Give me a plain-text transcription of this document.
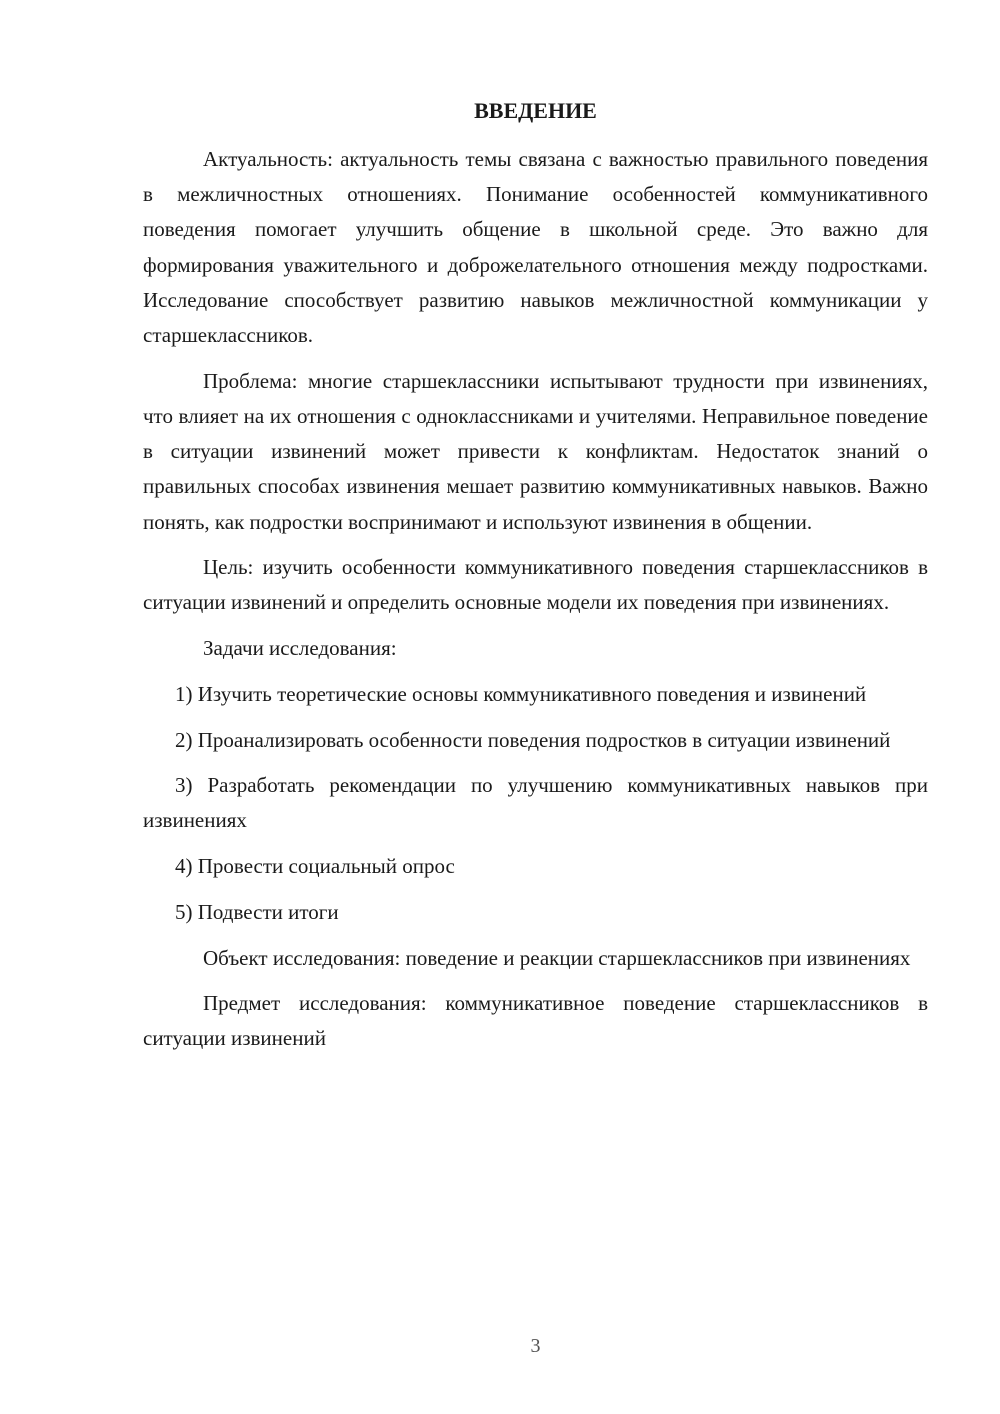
ВВЕДЕНИЕ

Актуальность: актуальность темы связана с важностью правильного поведения в межличностных отношениях. Понимание особенностей коммуникативного поведения помогает улучшить общение в школьной среде. Это важно для формирования уважительного и доброжелательного отношения между подростками. Исследование способствует развитию навыков межличностной коммуникации у старшеклассников.

Проблема: многие старшеклассники испытывают трудности при извинениях, что влияет на их отношения с одноклассниками и учителями. Неправильное поведение в ситуации извинений может привести к конфликтам. Недостаток знаний о правильных способах извинения мешает развитию коммуникативных навыков. Важно понять, как подростки воспринимают и используют извинения в общении.

Цель: изучить особенности коммуникативного поведения старшеклассников в ситуации извинений и определить основные модели их поведения при извинениях.

Задачи исследования:

1) Изучить теоретические основы коммуникативного поведения и извинений

2) Проанализировать особенности поведения подростков в ситуации извинений

3) Разработать рекомендации по улучшению коммуникативных навыков при извинениях

4) Провести социальный опрос

5) Подвести итоги

Объект исследования: поведение и реакции старшеклассников при извинениях

Предмет исследования: коммуникативное поведение старшеклассников в ситуации извинений

3
